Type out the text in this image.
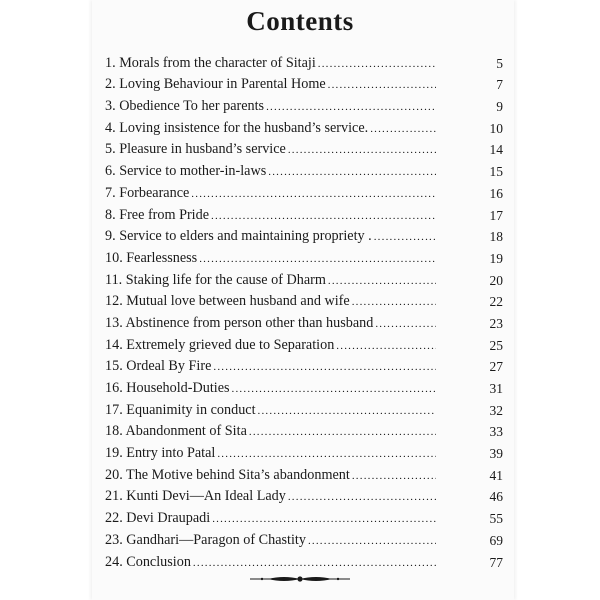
Contents
1. Morals from the character of Sitaji .....	5
2. Loving Behaviour in Parental Home .....	7
3. Obedience To her parents .....	9
4. Loving insistence for the husband’s service. .....	10
5. Pleasure in husband’s service .....	14
6. Service to mother-in-laws .....	15
7. Forbearance .....	16
8. Free from Pride .....	17
9. Service to elders and maintaining propriety . .....	18
10. Fearlessness .....	19
11. Staking life for the cause of Dharm .....	20
12. Mutual love between husband and wife .....	22
13. Abstinence from person other than husband .....	23
14. Extremely grieved due to Separation .....	25
15. Ordeal By Fire .....	27
16. Household-Duties .....	31
17. Equanimity in conduct .....	32
18. Abandonment of Sita .....	33
19. Entry into Patal .....	39
20. The Motive behind Sita’s abandonment .....	41
21. Kunti Devi—An Ideal Lady .....	46
22. Devi Draupadi .....	55
23. Gandhari—Paragon of Chastity .....	69
24. Conclusion .....	77
